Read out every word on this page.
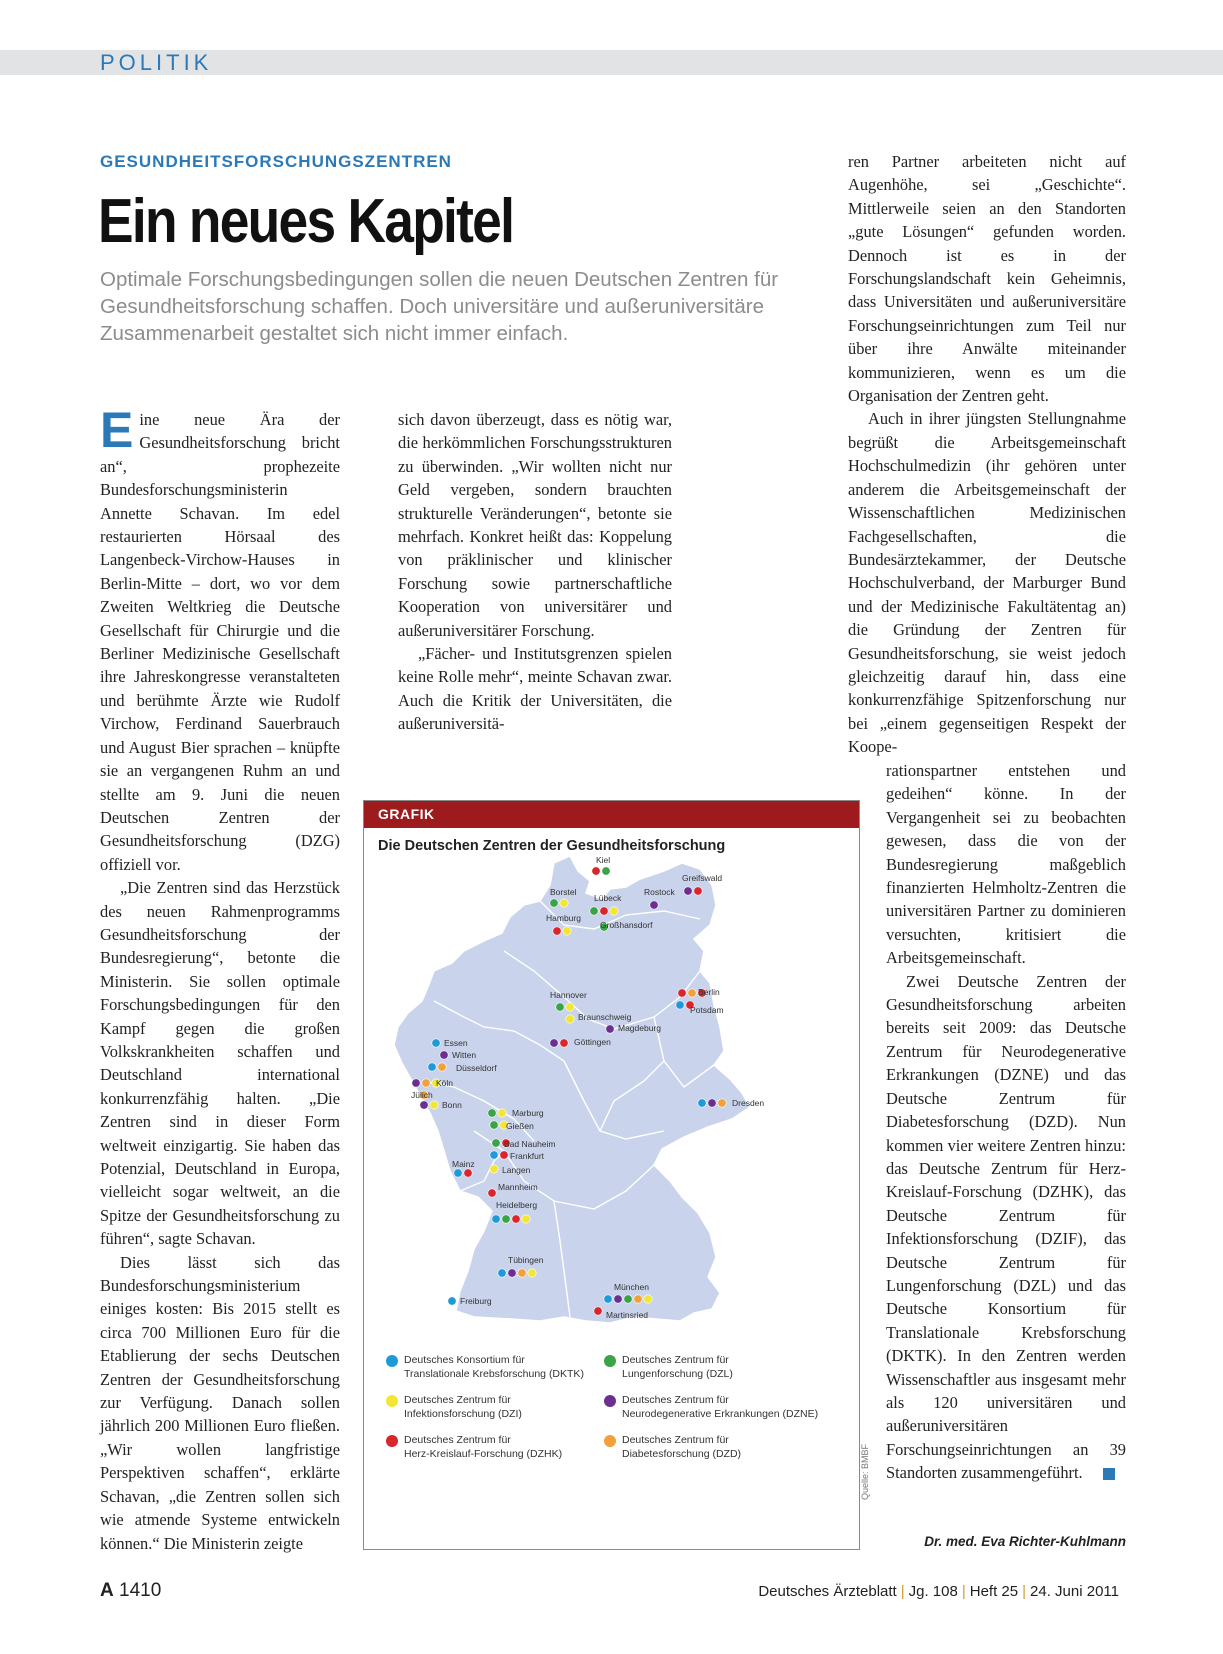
POLITIK
GESUNDHEITSFORSCHUNGSZENTREN
Ein neues Kapitel
Optimale Forschungsbedingungen sollen die neuen Deutschen Zentren für Gesundheitsforschung schaffen. Doch universitäre und außeruniversitäre Zusammenarbeit gestaltet sich nicht immer einfach.

Eine neue Ära der Gesundheitsforschung bricht an“, prophezeite Bundesforschungsministerin Annette Schavan. Im edel restaurierten Hörsaal des Langenbeck-Virchow-Hauses in Berlin-Mitte – dort, wo vor dem Zweiten Weltkrieg die Deutsche Gesellschaft für Chirurgie und die Berliner Medizinische Gesellschaft ihre Jahreskongresse veranstalteten und berühmte Ärzte wie Rudolf Virchow, Ferdinand Sauerbrauch und August Bier sprachen – knüpfte sie an vergangenen Ruhm an und stellte am 9. Juni die neuen Deutschen Zentren der Gesundheitsforschung (DZG) offiziell vor.

„Die Zentren sind das Herzstück des neuen Rahmenprogramms Gesundheitsforschung der Bundesregierung“, betonte die Ministerin. Sie sollen optimale Forschungsbedingungen für den Kampf gegen die großen Volkskrankheiten schaffen und Deutschland international konkurrenzfähig halten. „Die Zentren sind in dieser Form weltweit einzigartig. Sie haben das Potenzial, Deutschland in Europa, vielleicht sogar weltweit, an die Spitze der Gesundheitsforschung zu führen“, sagte Schavan.

Dies lässt sich das Bundesforschungsministerium einiges kosten: Bis 2015 stellt es circa 700 Millionen Euro für die Etablierung der sechs Deutschen Zentren der Gesundheitsforschung zur Verfügung. Danach sollen jährlich 200 Millionen Euro fließen. „Wir wollen langfristige Perspektiven schaffen“, erklärte Schavan, „die Zentren sollen sich wie atmende Systeme entwickeln können.“ Die Ministerin zeigte

sich davon überzeugt, dass es nötig war, die herkömmlichen Forschungsstrukturen zu überwinden. „Wir wollten nicht nur Geld vergeben, sondern brauchten strukturelle Veränderungen“, betonte sie mehrfach. Konkret heißt das: Koppelung von präklinischer und klinischer Forschung sowie partnerschaftliche Kooperation von universitärer und außeruniversitärer Forschung.

„Fächer- und Institutsgrenzen spielen keine Rolle mehr“, meinte Schavan zwar. Auch die Kritik der Universitäten, die außeruniversitä-

ren Partner arbeiteten nicht auf Augenhöhe, sei „Geschichte“. Mittlerweile seien an den Standorten „gute Lösungen“ gefunden worden. Dennoch ist es in der Forschungslandschaft kein Geheimnis, dass Universitäten und außeruniversitäre Forschungseinrichtungen zum Teil nur über ihre Anwälte miteinander kommunizieren, wenn es um die Organisation der Zentren geht.

Auch in ihrer jüngsten Stellungnahme begrüßt die Arbeitsgemeinschaft Hochschulmedizin (ihr gehören unter anderem die Arbeitsgemeinschaft der Wissenschaftlichen Medizinischen Fachgesellschaften, die Bundesärztekammer, der Deutsche Hochschulverband, der Marburger Bund und der Medizinische Fakultätentag an) die Gründung der Zentren für Gesundheitsforschung, sie weist jedoch gleichzeitig darauf hin, dass eine konkurrenzfähige Spitzenforschung nur bei „einem gegenseitigen Respekt der Koope-

rationspartner entstehen und gedeihen“ könne. In der Vergangenheit sei zu beobachten gewesen, dass die von der Bundesregierung maßgeblich finanzierten Helmholtz-Zentren die universitären Partner zu dominieren versuchten, kritisiert die Arbeitsgemeinschaft.

Zwei Deutsche Zentren der Gesundheitsforschung arbeiten bereits seit 2009: das Deutsche Zentrum für Neurodegenerative Erkrankungen (DZNE) und das Deutsche Zentrum für Diabetesforschung (DZD). Nun kommen vier weitere Zentren hinzu: das Deutsche Zentrum für Herz-Kreislauf-Forschung (DZHK), das Deutsche Zentrum für Infektionsforschung (DZIF), das Deutsche Zentrum für Lungenforschung (DZL) und das Deutsche Konsortium für Translationale Krebsforschung (DKTK). In den Zentren werden Wissenschaftler aus insgesamt mehr als 120 universitären und außeruniversitären Forschungseinrichtungen an 39 Standorten zusammengeführt.

Dr. med. Eva Richter-Kuhlmann
GRAFIK
Die Deutschen Zentren der Gesundheitsforschung
Kiel
Greifswald
Borstel	Rostock
Lübeck
Hamburg
Großhansdorf
Berlin
Potsdam
Hannover
Braunschweig
Magdeburg
Göttingen
Essen
Witten
Düsseldorf
Köln
Jülich
Bonn	Dresden
Marburg
Gießen
Bad Nauheim
Frankfurt
Langen
Mainz
Mannheim
Heidelberg
Tübingen
Freiburg
München
Martinsried
Deutsches Konsortium für
Translationale Krebsforschung (DKTK)
Deutsches Zentrum für
Lungenforschung (DZL)
Deutsches Zentrum für
Infektionsforschung (DZI)
Deutsches Zentrum für
Neurodegenerative Erkrankungen (DZNE)
Deutsches Zentrum für
Herz-Kreislauf-Forschung (DZHK)
Deutsches Zentrum für
Diabetesforschung (DZD)	Quelle: BMBF
A 1410	Deutsches Ärzteblatt | Jg. 108 | Heft 25 | 24. Juni 2011
